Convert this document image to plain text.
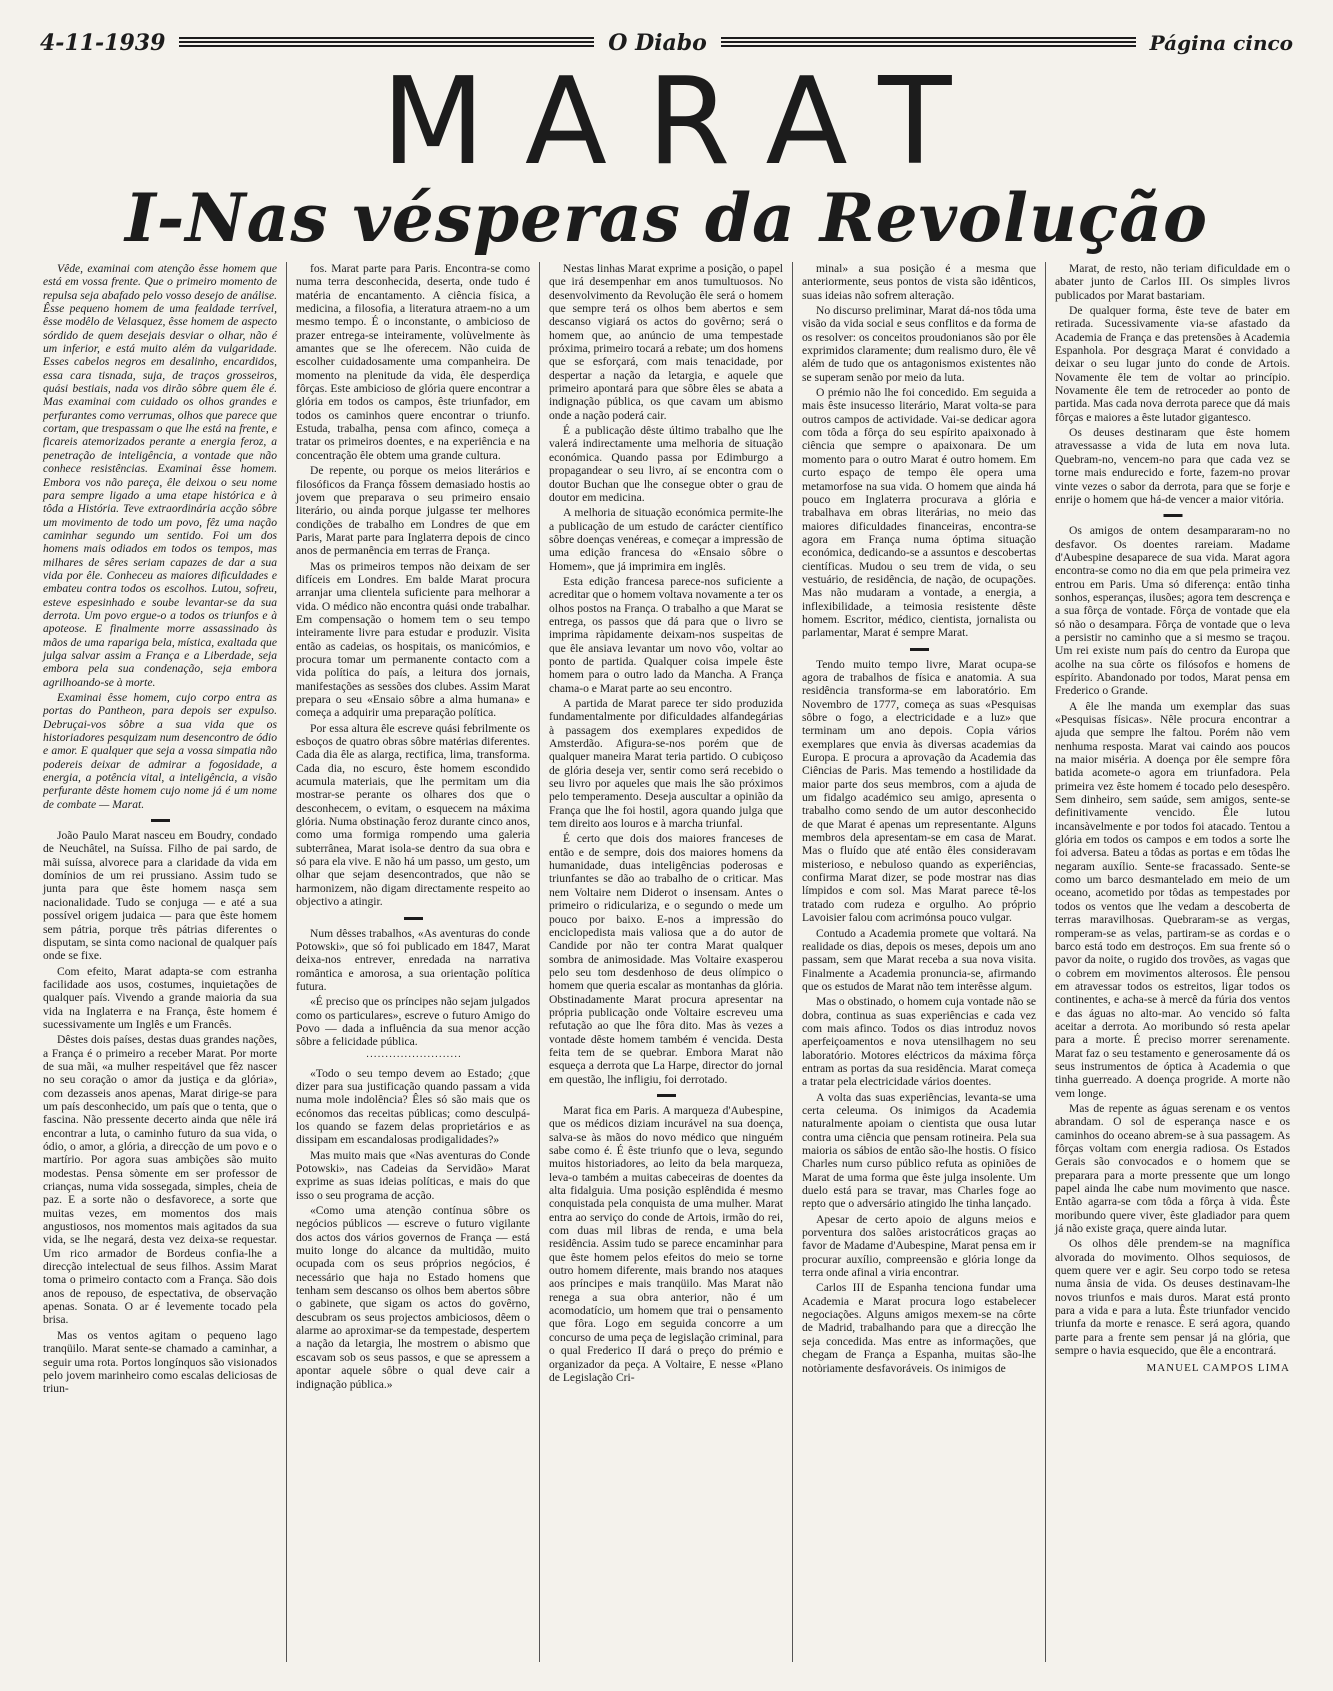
4-11-1939	O Diabo	Página cinco
MARAT
I-Nas vésperas da Revolução

Vêde, examinai com atenção êsse homem que está em vossa frente. Que o primeiro momento de repulsa seja abafado pelo vosso desejo de análise. Êsse pequeno homem de uma fealdade terrível, êsse modêlo de Velasquez, êsse homem de aspecto sórdido de quem desejais desviar o olhar, não é um inferior, e está muito além da vulgaridade. Esses cabelos negros em desalinho, encardidos, essa cara tisnada, suja, de traços grosseiros, quási bestiais, nada vos dirão sôbre quem êle é. Mas examinai com cuidado os olhos grandes e perfurantes como verrumas, olhos que parece que cortam, que trespassam o que lhe está na frente, e ficareis atemorizados perante a energia feroz, a penetração de inteligência, a vontade que não conhece resistências. Examinai êsse homem. Embora vos não pareça, êle deixou o seu nome para sempre ligado a uma etape histórica e à tôda a História. Teve extraordinária acção sôbre um movimento de todo um povo, fêz uma nação caminhar segundo um sentido. Foi um dos homens mais odiados em todos os tempos, mas milhares de sêres seriam capazes de dar a sua vida por êle. Conheceu as maiores dificuldades e embateu contra todos os escolhos. Lutou, sofreu, esteve espesinhado e soube levantar-se da sua derrota. Um povo ergue-o a todos os triunfos e à apoteose. E finalmente morre assassinado às mãos de uma rapariga bela, mística, exaltada que julga salvar assim a França e a Liberdade, seja embora pela sua condenação, seja embora agrilhoando-se à morte.

Examinai êsse homem, cujo corpo entra as portas do Pantheon, para depois ser expulso. Debruçai-vos sôbre a sua vida que os historiadores pesquizam num desencontro de ódio e amor. E qualquer que seja a vossa simpatia não podereis deixar de admirar a fogosidade, a energia, a potência vital, a inteligência, a visão perfurante dêste homem cujo nome já é um nome de combate — Marat.

▬▬

João Paulo Marat nasceu em Boudry, condado de Neuchâtel, na Suíssa. Filho de pai sardo, de mãi suíssa, alvorece para a claridade da vida em domínios de um rei prussiano. Assim tudo se junta para que êste homem nasça sem nacionalidade. Tudo se conjuga — e até a sua possível origem judaica — para que êste homem sem pátria, porque três pátrias diferentes o disputam, se sinta como nacional de qualquer país onde se fixe.

Com efeito, Marat adapta-se com estranha facilidade aos usos, costumes, inquietações de qualquer país. Vivendo a grande maioria da sua vida na Inglaterra e na França, êste homem é sucessivamente um Inglês e um Francês.

Dêstes dois países, destas duas grandes nações, a França é o primeiro a receber Marat. Por morte de sua mãi, «a mulher respeitável que fêz nascer no seu coração o amor da justiça e da glória», com dezasseis anos apenas, Marat dirige-se para um país desconhecido, um país que o tenta, que o fascina. Não pressente decerto ainda que nêle irá encontrar a luta, o caminho futuro da sua vida, o ódio, o amor, a glória, a direcção de um povo e o martírio. Por agora suas ambições são muito modestas. Pensa sòmente em ser professor de crianças, numa vida sossegada, simples, cheia de paz. E a sorte não o desfavorece, a sorte que muitas vezes, em momentos dos mais angustiosos, nos momentos mais agitados da sua vida, se lhe negará, desta vez deixa-se requestar. Um rico armador de Bordeus confia-lhe a direcção intelectual de seus filhos. Assim Marat toma o primeiro contacto com a França. São dois anos de repouso, de espectativa, de observação apenas. Sonata. O ar é levemente tocado pela brisa.

Mas os ventos agitam o pequeno lago tranqüilo. Marat sente-se chamado a caminhar, a seguir uma rota. Portos longínquos são visionados pelo jovem marinheiro como escalas deliciosas de triun-

fos. Marat parte para Paris. Encontra-se como numa terra desconhecida, deserta, onde tudo é matéria de encantamento. A ciência física, a medicina, a filosofia, a literatura atraem-no a um mesmo tempo. É o inconstante, o ambicioso de prazer entrega-se inteiramente, volùvelmente às amantes que se lhe oferecem. Não cuida de escolher cuidadosamente uma companheira. De momento na plenitude da vida, êle desperdiça fôrças. Este ambicioso de glória quere encontrar a glória em todos os campos, êste triunfador, em todos os caminhos quere encontrar o triunfo. Estuda, trabalha, pensa com afinco, começa a tratar os primeiros doentes, e na experiência e na concentração êle obtem uma grande cultura.

De repente, ou porque os meios literários e filosóficos da França fôssem demasiado hostis ao jovem que preparava o seu primeiro ensaio literário, ou ainda porque julgasse ter melhores condições de trabalho em Londres de que em Paris, Marat parte para Inglaterra depois de cinco anos de permanência em terras de França.

Mas os primeiros tempos não deixam de ser difíceis em Londres. Em balde Marat procura arranjar uma clientela suficiente para melhorar a vida. O médico não encontra quási onde trabalhar. Em compensação o homem tem o seu tempo inteiramente livre para estudar e produzir. Visita então as cadeias, os hospitais, os manicómios, e procura tomar um permanente contacto com a vida política do país, a leitura dos jornais, manifestações as sessões dos clubes. Assim Marat prepara o seu «Ensaio sôbre a alma humana» e começa a adquirir uma preparação política.

Por essa altura êle escreve quási febrilmente os esboços de quatro obras sôbre matérias diferentes. Cada dia êle as alarga, rectifica, lima, transforma. Cada dia, no escuro, êste homem escondido acumula materiais, que lhe permitam um dia mostrar-se perante os olhares dos que o desconhecem, o evitam, o esquecem na máxima glória. Numa obstinação feroz durante cinco anos, como uma formiga rompendo uma galeria subterrânea, Marat isola-se dentro da sua obra e só para ela vive. E não há um passo, um gesto, um olhar que sejam desencontrados, que não se harmonizem, não digam directamente respeito ao objectivo a atingir.

▬▬

Num dêsses trabalhos, «As aventuras do conde Potowski», que só foi publicado em 1847, Marat deixa-nos entrever, enredada na narrativa romântica e amorosa, a sua orientação política futura.

«É preciso que os príncipes não sejam julgados como os particulares», escreve o futuro Amigo do Povo — dada a influência da sua menor acção sôbre a felicidade pública.

· · · · · · · · · · · · · · · · · · · · · · · · ·

«Todo o seu tempo devem ao Estado; ¿que dizer para sua justificação quando passam a vida numa mole indolência? Êles só são mais que os ecónomos das receitas públicas; como desculpá-los quando se fazem delas proprietários e as dissipam em escandalosas prodigalidades?»

Mas muito mais que «Nas aventuras do Conde Potowski», nas Cadeias da Servidão» Marat exprime as suas ideias políticas, e mais do que isso o seu programa de acção.

«Como uma atenção contínua sôbre os negócios públicos — escreve o futuro vigilante dos actos dos vários governos de França — está muito longe do alcance da multidão, muito ocupada com os seus próprios negócios, é necessário que haja no Estado homens que tenham sem descanso os olhos bem abertos sôbre o gabinete, que sigam os actos do govêrno, descubram os seus projectos ambiciosos, dêem o alarme ao aproximar-se da tempestade, despertem a nação da letargia, lhe mostrem o abismo que escavam sob os seus passos, e que se apressem a apontar aquele sôbre o qual deve cair a indignação pública.»

Nestas linhas Marat exprime a posição, o papel que irá desempenhar em anos tumultuosos. No desenvolvimento da Revolução êle será o homem que sempre terá os olhos bem abertos e sem descanso vigiará os actos do govêrno; será o homem que, ao anúncio de uma tempestade próxima, primeiro tocará a rebate; um dos homens que se esforçará, com mais tenacidade, por despertar a nação da letargia, e aquele que primeiro apontará para que sôbre êles se abata a indignação pública, os que cavam um abismo onde a nação poderá cair.

É a publicação dêste último trabalho que lhe valerá indirectamente uma melhoria de situação económica. Quando passa por Edimburgo a propagandear o seu livro, aí se encontra com o doutor Buchan que lhe consegue obter o grau de doutor em medicina.

A melhoria de situação económica permite-lhe a publicação de um estudo de carácter científico sôbre doenças venéreas, e começar a impressão de uma edição francesa do «Ensaio sôbre o Homem», que já imprimira em inglês.

Esta edição francesa parece-nos suficiente a acreditar que o homem voltava novamente a ter os olhos postos na França. O trabalho a que Marat se entrega, os passos que dá para que o livro se imprima ràpidamente deixam-nos suspeitas de que êle ansiava levantar um novo vôo, voltar ao ponto de partida. Qualquer coisa impele êste homem para o outro lado da Mancha. A França chama-o e Marat parte ao seu encontro.

A partida de Marat parece ter sido produzida fundamentalmente por dificuldades alfandegárias à passagem dos exemplares expedidos de Amsterdão. Afigura-se-nos porém que de qualquer maneira Marat teria partido. O cubiçoso de glória deseja ver, sentir como será recebido o seu livro por aqueles que mais lhe são próximos pelo temperamento. Deseja auscultar a opinião da França que lhe foi hostil, agora quando julga que tem direito aos louros e à marcha triunfal.

É certo que dois dos maiores franceses de então e de sempre, dois dos maiores homens da humanidade, duas inteligências poderosas e triunfantes se dão ao trabalho de o criticar. Mas nem Voltaire nem Diderot o insensam. Antes o primeiro o ridiculariza, e o segundo o mede um pouco por baixo. E-nos a impressão do enciclopedista mais valiosa que a do autor de Candide por não ter contra Marat qualquer sombra de animosidade. Mas Voltaire exasperou pelo seu tom desdenhoso de deus olímpico o homem que queria escalar as montanhas da glória. Obstinadamente Marat procura apresentar na própria publicação onde Voltaire escreveu uma refutação ao que lhe fôra dito. Mas às vezes a vontade dêste homem também é vencida. Desta feita tem de se quebrar. Embora Marat não esqueça a derrota que La Harpe, director do jornal em questão, lhe infligiu, foi derrotado.

▬▬

Marat fica em Paris. A marqueza d'Aubespine, que os médicos diziam incurável na sua doença, salva-se às mãos do novo médico que ninguém sabe como é. É êste triunfo que o leva, segundo muitos historiadores, ao leito da bela marqueza, leva-o também a muitas cabeceiras de doentes da alta fidalguia. Uma posição esplêndida é mesmo conquistada pela conquista de uma mulher. Marat entra ao serviço do conde de Artois, irmão do rei, com duas mil libras de renda, e uma bela residência. Assim tudo se parece encaminhar para que êste homem pelos efeitos do meio se torne outro homem diferente, mais brando nos ataques aos príncipes e mais tranqüilo. Mas Marat não renega a sua obra anterior, não é um acomodatício, um homem que trai o pensamento que fôra. Logo em seguida concorre a um concurso de uma peça de legislação criminal, para o qual Frederico II dará o preço do prémio e organizador da peça. A Voltaire, E nesse «Plano de Legislação Cri-

minal» a sua posição é a mesma que anteriormente, seus pontos de vista são idênticos, suas ideias não sofrem alteração.

No discurso preliminar, Marat dá-nos tôda uma visão da vida social e seus conflitos e da forma de os resolver: os conceitos proudonianos são por êle exprimidos claramente; dum realismo duro, êle vê além de tudo que os antagonismos existentes não se superam senão por meio da luta.

O prémio não lhe foi concedido. Em seguida a mais êste insucesso literário, Marat volta-se para outros campos de actividade. Vai-se dedicar agora com tôda a fôrça do seu espírito apaixonado à ciência que sempre o apaixonara. De um momento para o outro Marat é outro homem. Em curto espaço de tempo êle opera uma metamorfose na sua vida. O homem que ainda há pouco em Inglaterra procurava a glória e trabalhava em obras literárias, no meio das maiores dificuldades financeiras, encontra-se agora em França numa óptima situação económica, dedicando-se a assuntos e descobertas científicas. Mudou o seu trem de vida, o seu vestuário, de residência, de nação, de ocupações. Mas não mudaram a vontade, a energia, a inflexibilidade, a teimosia resistente dêste homem. Escritor, médico, cientista, jornalista ou parlamentar, Marat é sempre Marat.

▬▬

Tendo muito tempo livre, Marat ocupa-se agora de trabalhos de física e anatomia. A sua residência transforma-se em laboratório. Em Novembro de 1777, começa as suas «Pesquisas sôbre o fogo, a electricidade e a luz» que terminam um ano depois. Copia vários exemplares que envia às diversas academias da Europa. E procura a aprovação da Academia das Ciências de Paris. Mas temendo a hostilidade da maior parte dos seus membros, com a ajuda de um fidalgo académico seu amigo, apresenta o trabalho como sendo de um autor desconhecido de que Marat é apenas um representante. Alguns membros dela apresentam-se em casa de Marat. Mas o fluído que até então êles consideravam misterioso, e nebuloso quando as experiências, confirma Marat dizer, se pode mostrar nas dias límpidos e com sol. Mas Marat parece tê-los tratado com rudeza e orgulho. Ao próprio Lavoisier falou com acrimónsa pouco vulgar.

Contudo a Academia promete que voltará. Na realidade os dias, depois os meses, depois um ano passam, sem que Marat receba a sua nova visita. Finalmente a Academia pronuncia-se, afirmando que os estudos de Marat não tem interêsse algum.

Mas o obstinado, o homem cuja vontade não se dobra, continua as suas experiências e cada vez com mais afinco. Todos os dias introduz novos aperfeiçoamentos e nova utensilhagem no seu laboratório. Motores eléctricos da máxima fôrça entram as portas da sua residência. Marat começa a tratar pela electricidade vários doentes.

A volta das suas experiências, levanta-se uma certa celeuma. Os inimigos da Academia naturalmente apoiam o cientista que ousa lutar contra uma ciência que pensam rotineira. Pela sua maioria os sábios de então são-lhe hostis. O físico Charles num curso público refuta as opiniões de Marat de uma forma que êste julga insolente. Um duelo está para se travar, mas Charles foge ao repto que o adversário atingido lhe tinha lançado.

Apesar de certo apoio de alguns meios e porventura dos salões aristocráticos graças ao favor de Madame d'Aubespine, Marat pensa em ir procurar auxílio, compreensão e glória longe da terra onde afinal a viria encontrar.

Carlos III de Espanha tenciona fundar uma Academia e Marat procura logo estabelecer negociações. Alguns amigos mexem-se na côrte de Madrid, trabalhando para que a direcção lhe seja concedida. Mas entre as informações, que chegam de França a Espanha, muitas são-lhe notòriamente desfavoráveis. Os inimigos de

Marat, de resto, não teriam dificuldade em o abater junto de Carlos III. Os simples livros publicados por Marat bastariam.

De qualquer forma, êste teve de bater em retirada. Sucessivamente via-se afastado da Academia de França e das pretensões à Academia Espanhola. Por desgraça Marat é convidado a deixar o seu lugar junto do conde de Artois. Novamente êle tem de voltar ao princípio. Novamente êle tem de retroceder ao ponto de partida. Mas cada nova derrota parece que dá mais fôrças e maiores a êste lutador gigantesco.

Os deuses destinaram que êste homem atravessasse a vida de luta em nova luta. Quebram-no, vencem-no para que cada vez se torne mais endurecido e forte, fazem-no provar vinte vezes o sabor da derrota, para que se forje e enrije o homem que há-de vencer a maior vitória.

▬▬

Os amigos de ontem desampararam-no no desfavor. Os doentes rareiam. Madame d'Aubespine desaparece de sua vida. Marat agora encontra-se como no dia em que pela primeira vez entrou em Paris. Uma só diferença: então tinha sonhos, esperanças, ilusões; agora tem descrença e a sua fôrça de vontade. Fôrça de vontade que ela só não o desampara. Fôrça de vontade que o leva a persistir no caminho que a si mesmo se traçou. Um rei existe num país do centro da Europa que acolhe na sua côrte os filósofos e homens de espírito. Abandonado por todos, Marat pensa em Frederico o Grande.

A êle lhe manda um exemplar das suas «Pesquisas físicas». Nêle procura encontrar a ajuda que sempre lhe faltou. Porém não vem nenhuma resposta. Marat vai caindo aos poucos na maior miséria. A doença por êle sempre fôra batida acomete-o agora em triunfadora. Pela primeira vez êste homem é tocado pelo desespêro. Sem dinheiro, sem saúde, sem amigos, sente-se definitivamente vencido. Êle lutou incansàvelmente e por todos foi atacado. Tentou a glória em todos os campos e em todos a sorte lhe foi adversa. Bateu a tôdas as portas e em tôdas lhe negaram auxílio. Sente-se fracassado. Sente-se como um barco desmantelado em meio de um oceano, acometido por tôdas as tempestades por todos os ventos que lhe vedam a descoberta de terras maravilhosas. Quebraram-se as vergas, romperam-se as velas, partiram-se as cordas e o barco está todo em destroços. Em sua frente só o pavor da noite, o rugido dos trovões, as vagas que o cobrem em movimentos alterosos. Êle pensou em atravessar todos os estreitos, ligar todos os continentes, e acha-se à mercê da fúria dos ventos e das águas no alto-mar. Ao vencido só falta aceitar a derrota. Ao moribundo só resta apelar para a morte. É preciso morrer serenamente. Marat faz o seu testamento e generosamente dá os seus instrumentos de óptica à Academia o que tinha guerreado. A doença progride. A morte não vem longe.

Mas de repente as águas serenam e os ventos abrandam. O sol de esperança nasce e os caminhos do oceano abrem-se à sua passagem. As fôrças voltam com energia radiosa. Os Estados Gerais são convocados e o homem que se preparara para a morte pressente que um longo papel ainda lhe cabe num movimento que nasce. Então agarra-se com tôda a fôrça à vida. Êste moribundo quere viver, êste gladiador para quem já não existe graça, quere ainda lutar.

Os olhos dêle prendem-se na magnífica alvorada do movimento. Olhos sequiosos, de quem quere ver e agir. Seu corpo todo se retesa numa ânsia de vida. Os deuses destinavam-lhe novos triunfos e mais duros. Marat está pronto para a vida e para a luta. Êste triunfador vencido triunfa da morte e renasce. E será agora, quando parte para a frente sem pensar já na glória, que sempre o havia esquecido, que êle a encontrará.

MANUEL CAMPOS LIMA
